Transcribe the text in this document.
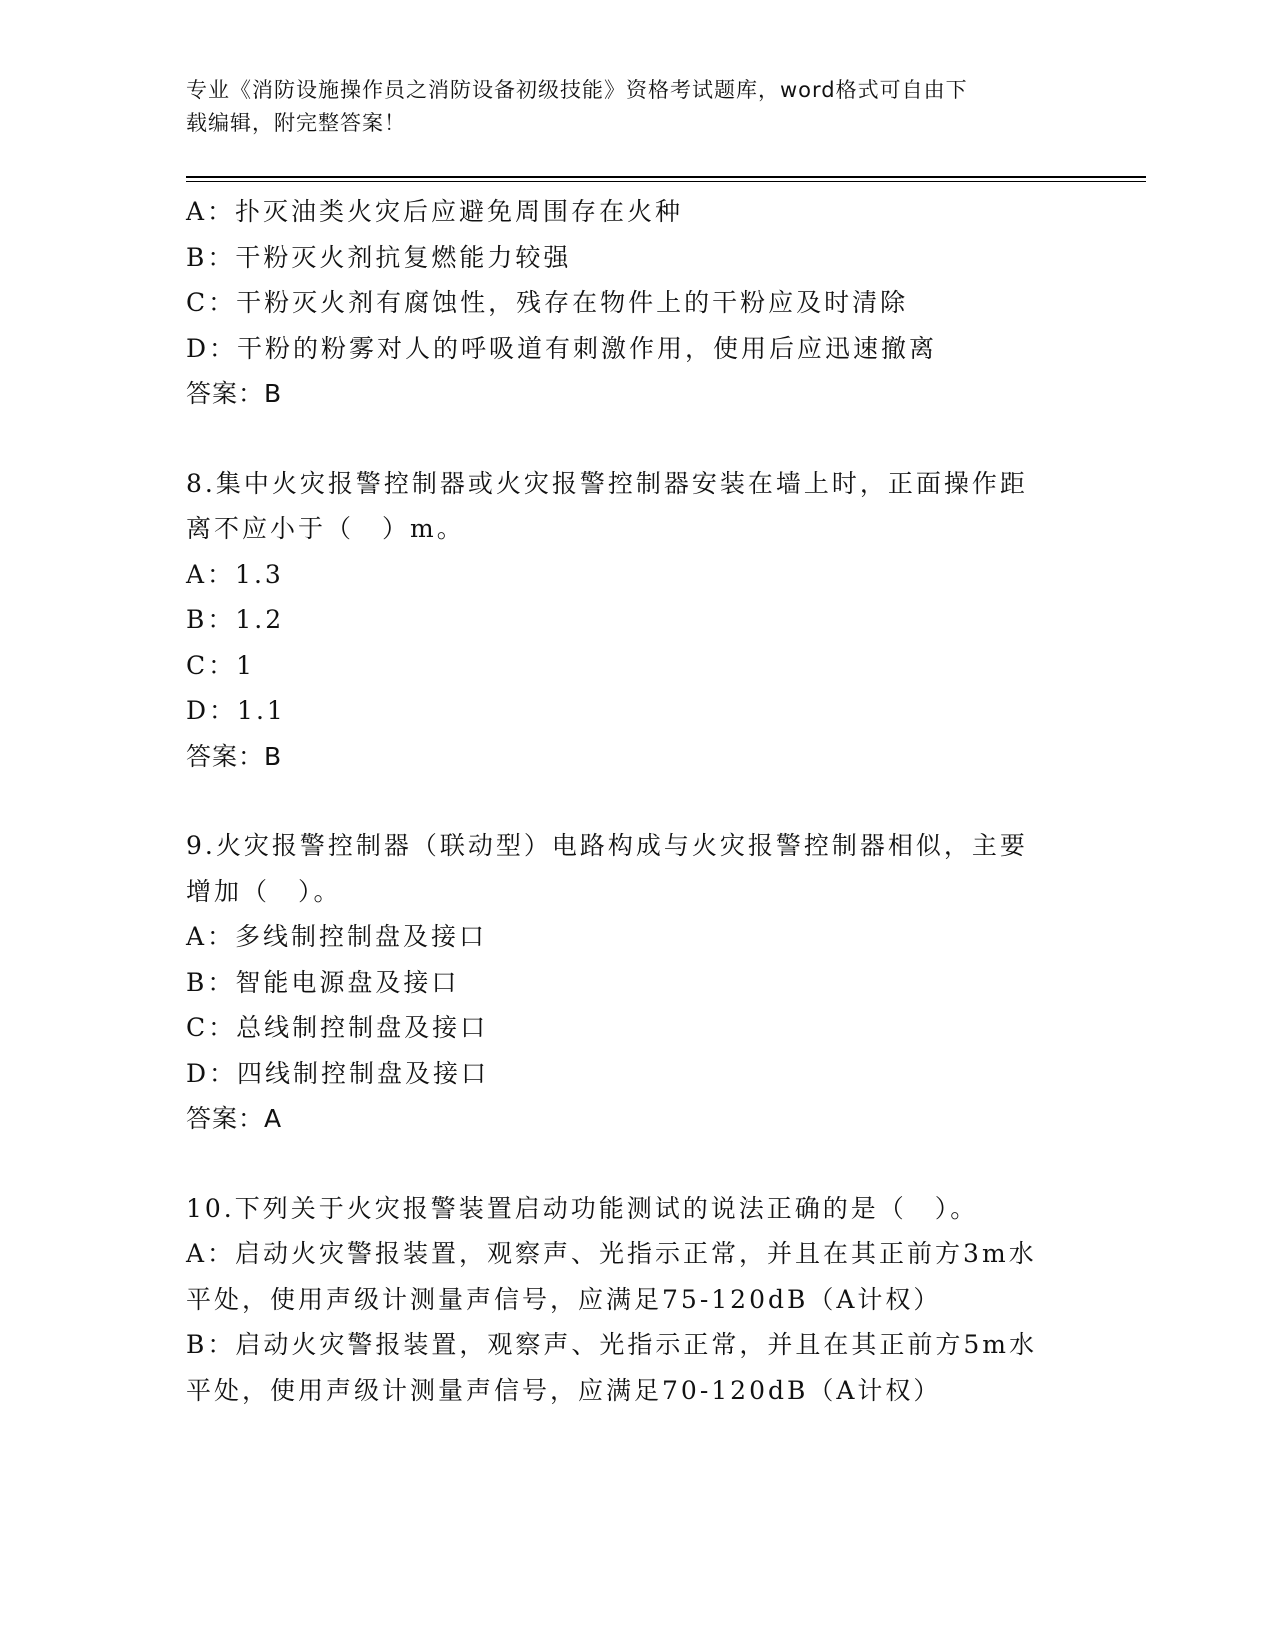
专业《消防设施操作员之消防设备初级技能》资格考试题库，word格式可自由下
载编辑，附完整答案！
A：扑灭油类火灾后应避免周围存在火种
B：干粉灭火剂抗复燃能力较强
C：干粉灭火剂有腐蚀性，残存在物件上的干粉应及时清除
D：干粉的粉雾对人的呼吸道有刺激作用，使用后应迅速撤离
答案：B
8.集中火灾报警控制器或火灾报警控制器安装在墙上时，正面操作距
离不应小于（　）m。
A：1.3
B：1.2
C：1
D：1.1
答案：B
9.火灾报警控制器（联动型）电路构成与火灾报警控制器相似，主要
增加（　）。
A：多线制控制盘及接口
B：智能电源盘及接口
C：总线制控制盘及接口
D：四线制控制盘及接口
答案：A
10.下列关于火灾报警装置启动功能测试的说法正确的是（　）。
A：启动火灾警报装置，观察声、光指示正常，并且在其正前方3m水
平处，使用声级计测量声信号，应满足75-120dB（A计权）
B：启动火灾警报装置，观察声、光指示正常，并且在其正前方5m水
平处，使用声级计测量声信号，应满足70-120dB（A计权）
